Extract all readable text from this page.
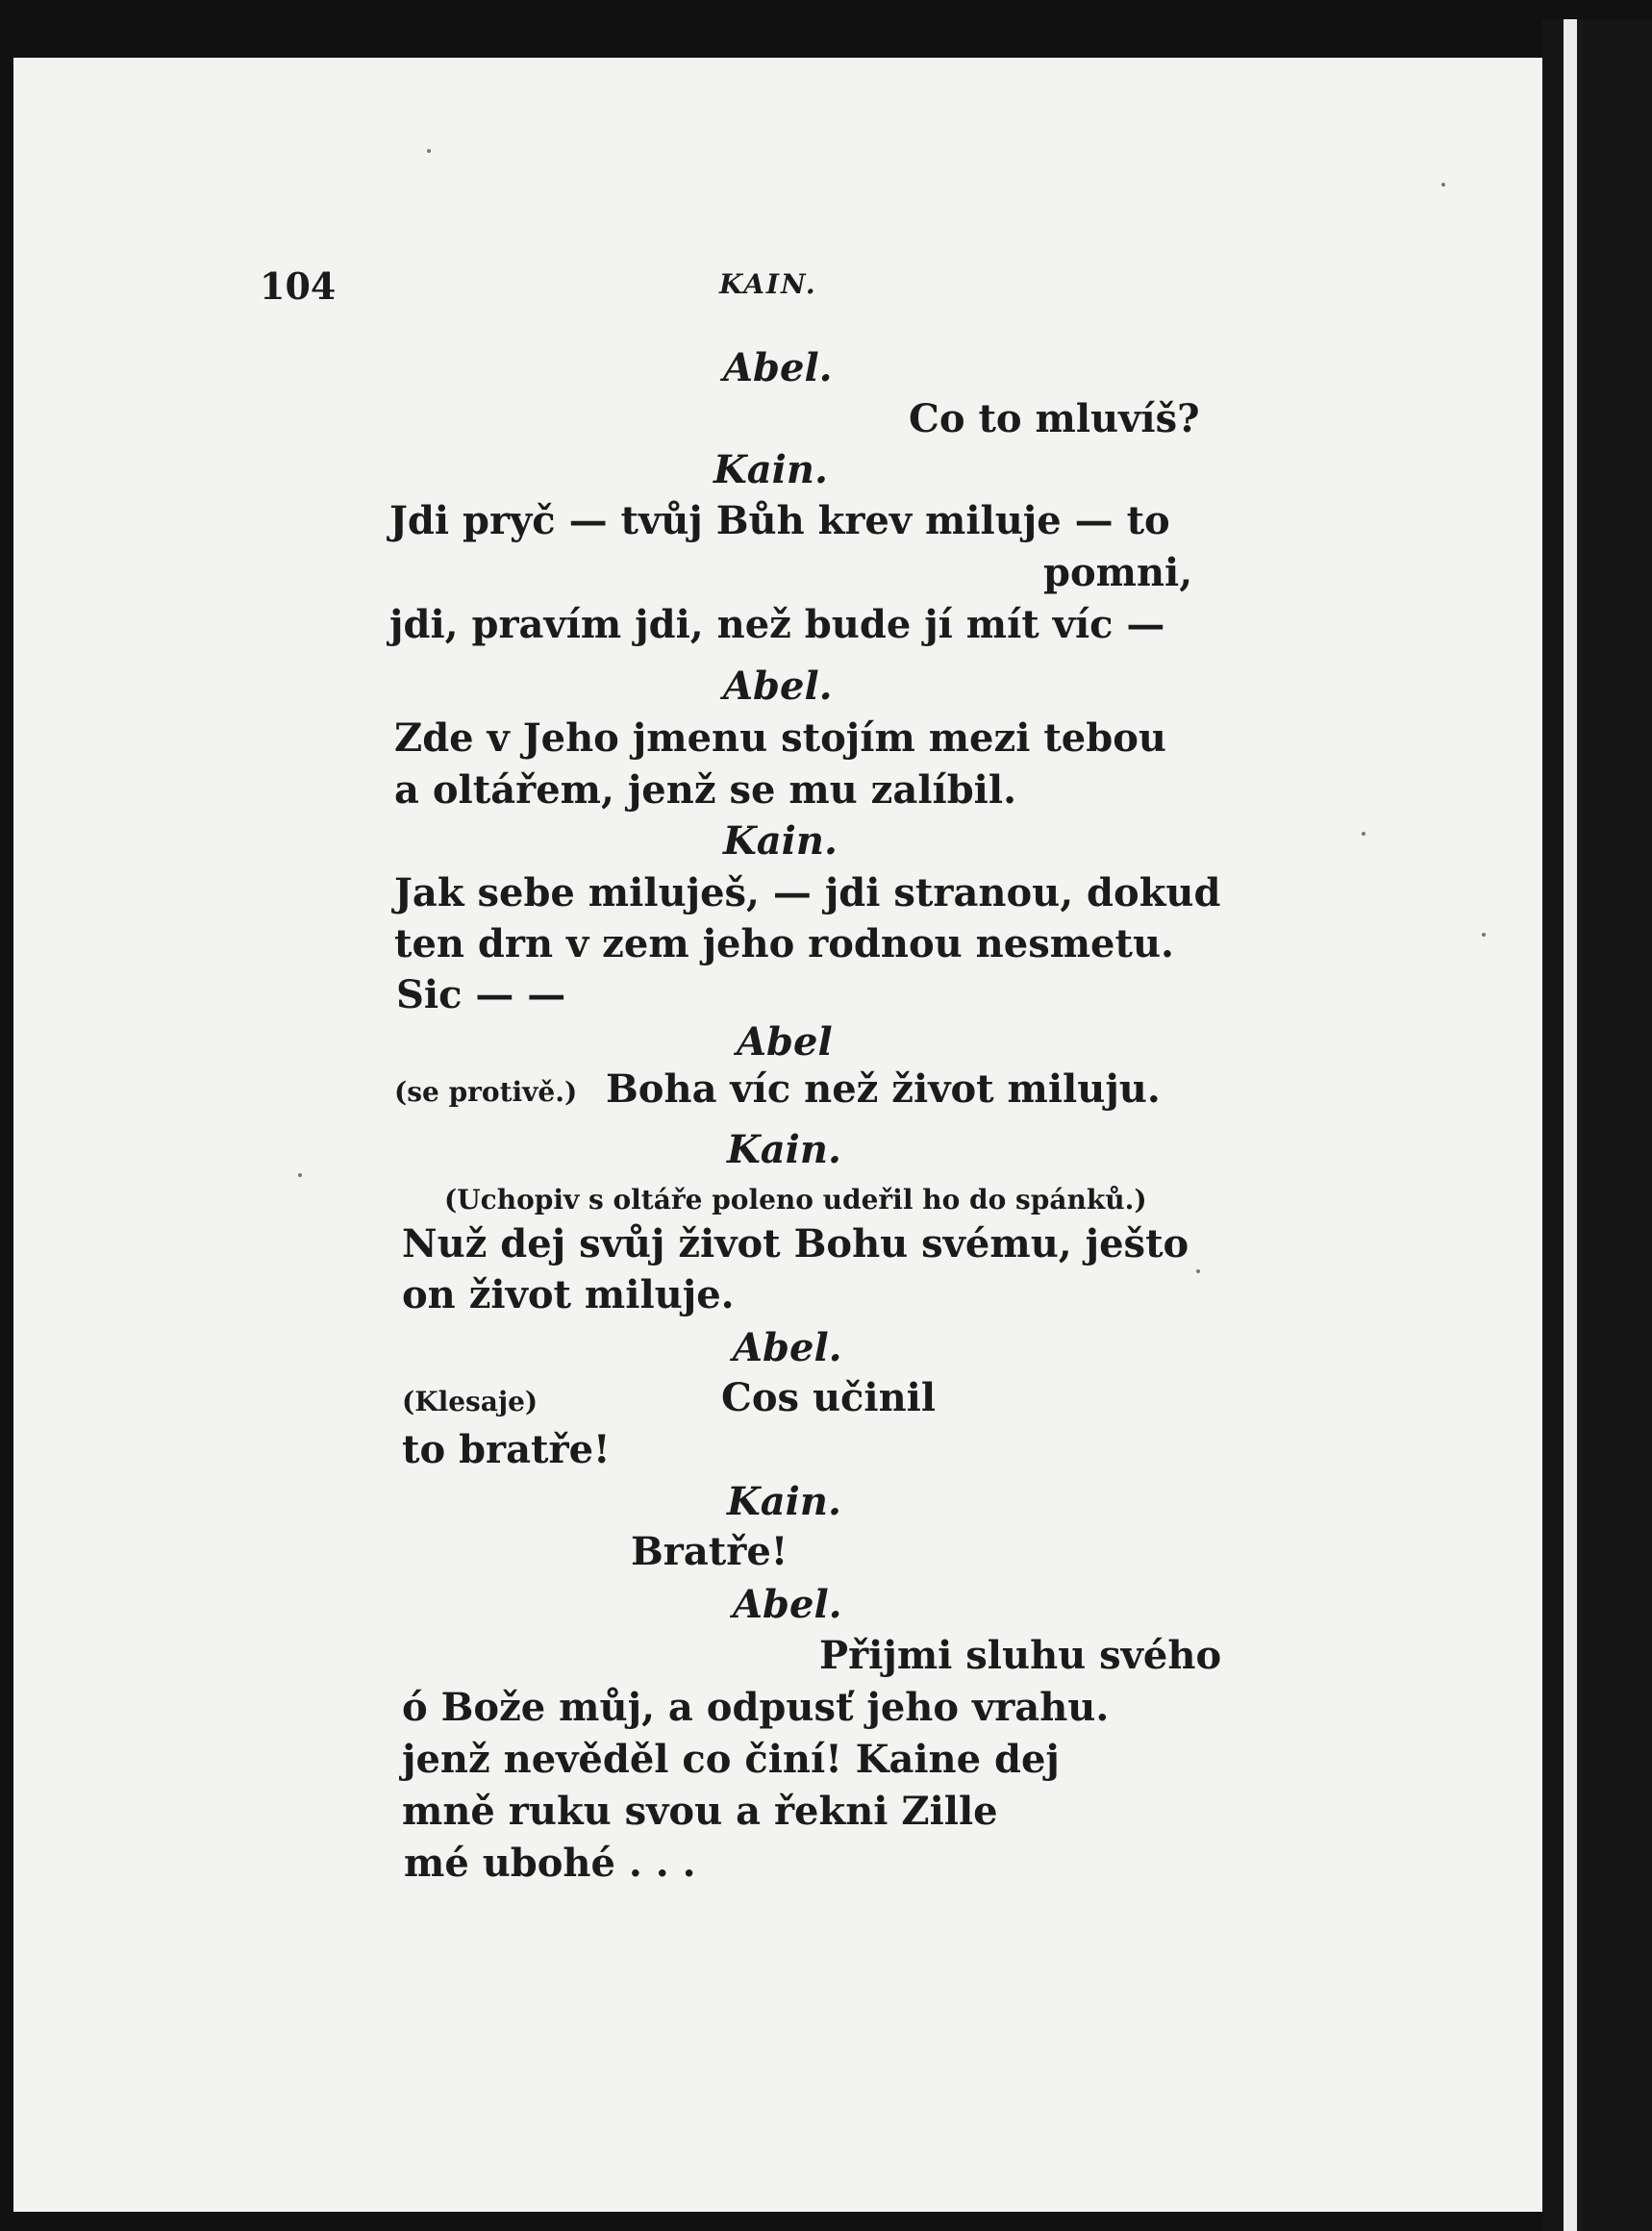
104	KAIN.
Abel.
Co to mluvíš?
Kain.
Jdi pryč — tvůj Bůh krev miluje — to
pomni,
jdi, pravím jdi, než bude jí mít víc —
Abel.
Zde v Jeho jmenu stojím mezi tebou
a oltářem, jenž se mu zalíbil.
Kain.
Jak sebe miluješ, — jdi stranou, dokud
ten drn v zem jeho rodnou nesmetu.
Sic — —
Abel
(se protivě.) Boha víc než život miluju.
Kain.
(Uchopiv s oltáře poleno udeřil ho do spánků.)
Nuž dej svůj život Bohu svému, ješto
on život miluje.
Abel.
(Klesaje)	Cos učinil
to bratře!
Kain.
Bratře!
Abel.
Přijmi sluhu svého
ó Bože můj, a odpusť jeho vrahu.
jenž nevěděl co činí! Kaine dej
mně ruku svou a řekni Zille
mé ubohé . . .
